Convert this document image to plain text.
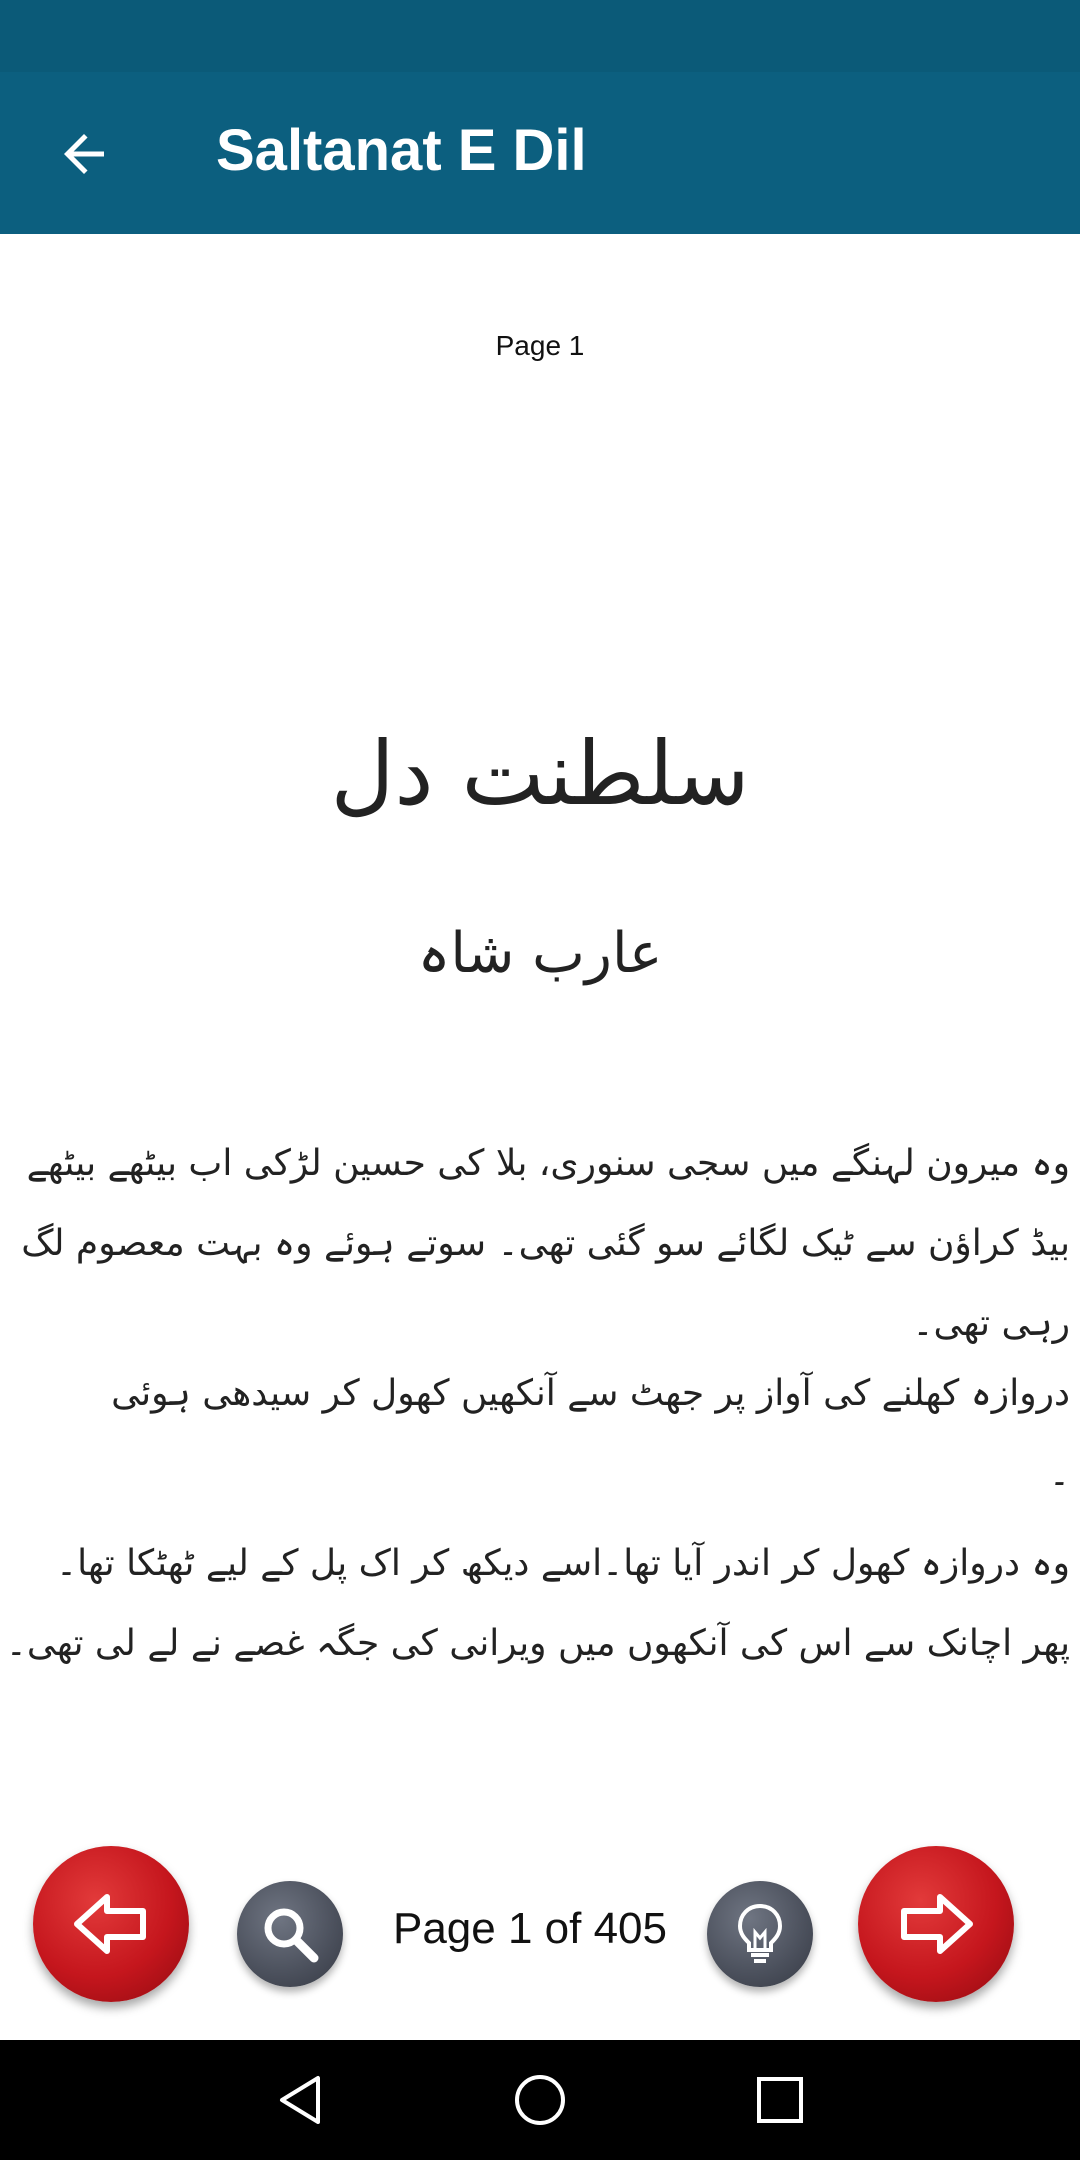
Saltanat E Dil
Page 1
سلطنت دل
عارب شاہ
وہ میرون لہنگے میں سجی سنوری، بلا کی حسین لڑکی اب بیٹھے بیٹھے بیڈ کراؤن سے ٹیک لگائے سو گئی تھی۔ سوتے ہوئے وہ بہت معصوم لگ رہی تھی۔
دروازہ کھلنے کی آواز پر جھٹ سے آنکھیں کھول کر سیدھی ہوئی
۔
وہ دروازہ کھول کر اندر آیا تھا۔اسے دیکھ کر اک پل کے لیے ٹھٹکا تھا۔ پھر اچانک سے اس کی آنکھوں میں ویرانی کی جگہ غصے نے لے لی تھی۔
Page 1 of 405
